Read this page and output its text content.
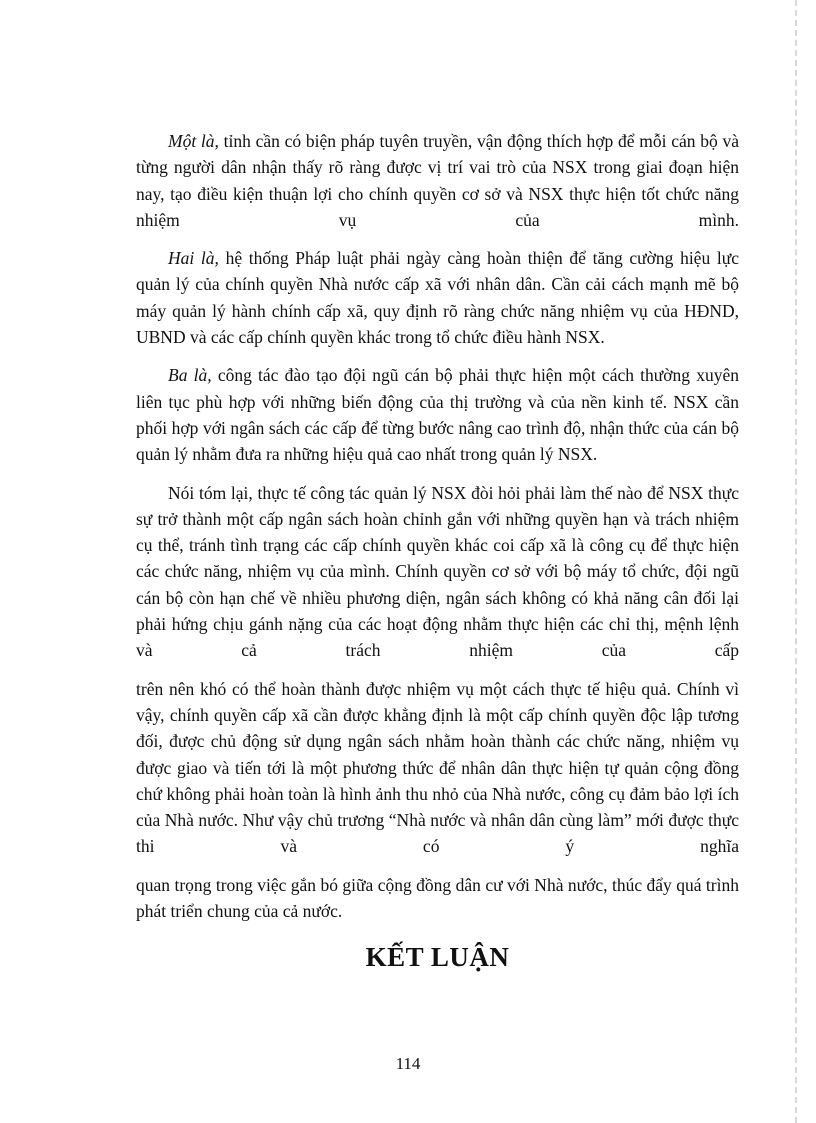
Một là, tỉnh cần có biện pháp tuyên truyền, vận động thích hợp để mỗi cán bộ và từng người dân nhận thấy rõ ràng được vị trí vai trò của NSX trong giai đoạn hiện nay, tạo điều kiện thuận lợi cho chính quyền cơ sở và NSX thực hiện tốt chức năng nhiệm vụ của mình.

Hai là, hệ thống Pháp luật phải ngày càng hoàn thiện để tăng cường hiệu lực quản lý của chính quyền Nhà nước cấp xã với nhân dân. Cần cải cách mạnh mẽ bộ máy quản lý hành chính cấp xã, quy định rõ ràng chức năng nhiệm vụ của HĐND, UBND và các cấp chính quyền khác trong tổ chức điều hành NSX.

Ba là, công tác đào tạo đội ngũ cán bộ phải thực hiện một cách thường xuyên liên tục phù hợp với những biến động của thị trường và của nền kinh tế. NSX cần phối hợp với ngân sách các cấp để từng bước nâng cao trình độ, nhận thức của cán bộ quản lý nhằm đưa ra những hiệu quả cao nhất trong quản lý NSX.

Nói tóm lại, thực tế công tác quản lý NSX đòi hỏi phải làm thế nào để NSX thực sự trở thành một cấp ngân sách hoàn chỉnh gắn với những quyền hạn và trách nhiệm cụ thể, tránh tình trạng các cấp chính quyền khác coi cấp xã là công cụ để thực hiện các chức năng, nhiệm vụ của mình. Chính quyền cơ sở với bộ máy tổ chức, đội ngũ cán bộ còn hạn chế về nhiều phương diện, ngân sách không có khả năng cân đối lại phải hứng chịu gánh nặng của các hoạt động nhằm thực hiện các chỉ thị, mệnh lệnh và cả trách nhiệm của cấp

trên nên khó có thể hoàn thành được nhiệm vụ một cách thực tế hiệu quả. Chính vì vậy, chính quyền cấp xã cần được khẳng định là một cấp chính quyền độc lập tương đối, được chủ động sử dụng ngân sách nhằm hoàn thành các chức năng, nhiệm vụ được giao và tiến tới là một phương thức để nhân dân thực hiện tự quản cộng đồng chứ không phải hoàn toàn là hình ảnh thu nhỏ của Nhà nước, công cụ đảm bảo lợi ích của Nhà nước. Như vậy chủ trương “Nhà nước và nhân dân cùng làm” mới được thực thi và có ý nghĩa

quan trọng trong việc gắn bó giữa cộng đồng dân cư với Nhà nước, thúc đẩy quá trình phát triển chung của cả nước.

KẾT LUẬN
114
